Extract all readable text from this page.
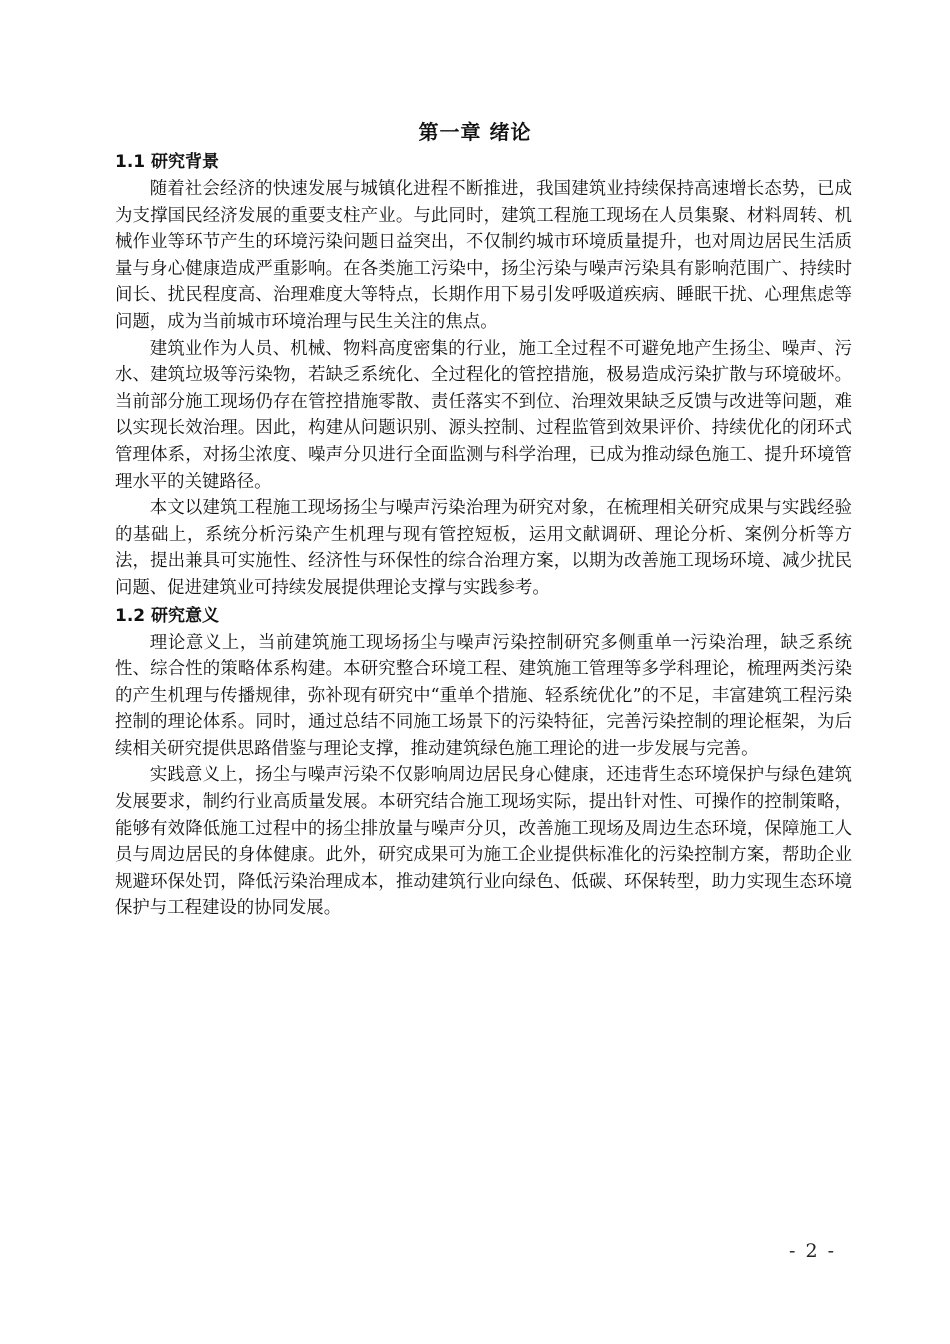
第一章 绪论
1.1 研究背景

随着社会经济的快速发展与城镇化进程不断推进，我国建筑业持续保持高速增长态势，已成为支撑国民经济发展的重要支柱产业。与此同时，建筑工程施工现场在人员集聚、材料周转、机械作业等环节产生的环境污染问题日益突出，不仅制约城市环境质量提升，也对周边居民生活质量与身心健康造成严重影响。在各类施工污染中，扬尘污染与噪声污染具有影响范围广、持续时间长、扰民程度高、治理难度大等特点，长期作用下易引发呼吸道疾病、睡眠干扰、心理焦虑等问题，成为当前城市环境治理与民生关注的焦点。

建筑业作为人员、机械、物料高度密集的行业，施工全过程不可避免地产生扬尘、噪声、污水、建筑垃圾等污染物，若缺乏系统化、全过程化的管控措施，极易造成污染扩散与环境破坏。当前部分施工现场仍存在管控措施零散、责任落实不到位、治理效果缺乏反馈与改进等问题，难以实现长效治理。因此，构建从问题识别、源头控制、过程监管到效果评价、持续优化的闭环式管理体系，对扬尘浓度、噪声分贝进行全面监测与科学治理，已成为推动绿色施工、提升环境管理水平的关键路径。

本文以建筑工程施工现场扬尘与噪声污染治理为研究对象，在梳理相关研究成果与实践经验的基础上，系统分析污染产生机理与现有管控短板，运用文献调研、理论分析、案例分析等方法，提出兼具可实施性、经济性与环保性的综合治理方案，以期为改善施工现场环境、减少扰民问题、促进建筑业可持续发展提供理论支撑与实践参考。

1.2 研究意义

理论意义上，当前建筑施工现场扬尘与噪声污染控制研究多侧重单一污染治理，缺乏系统性、综合性的策略体系构建。本研究整合环境工程、建筑施工管理等多学科理论，梳理两类污染的产生机理与传播规律，弥补现有研究中“重单个措施、轻系统优化”的不足，丰富建筑工程污染控制的理论体系。同时，通过总结不同施工场景下的污染特征，完善污染控制的理论框架，为后续相关研究提供思路借鉴与理论支撑，推动建筑绿色施工理论的进一步发展与完善。

实践意义上，扬尘与噪声污染不仅影响周边居民身心健康，还违背生态环境保护与绿色建筑发展要求，制约行业高质量发展。本研究结合施工现场实际，提出针对性、可操作的控制策略，能够有效降低施工过程中的扬尘排放量与噪声分贝，改善施工现场及周边生态环境，保障施工人员与周边居民的身体健康。此外，研究成果可为施工企业提供标准化的污染控制方案，帮助企业规避环保处罚，降低污染治理成本，推动建筑行业向绿色、低碳、环保转型，助力实现生态环境保护与工程建设的协同发展。

- 2 -
